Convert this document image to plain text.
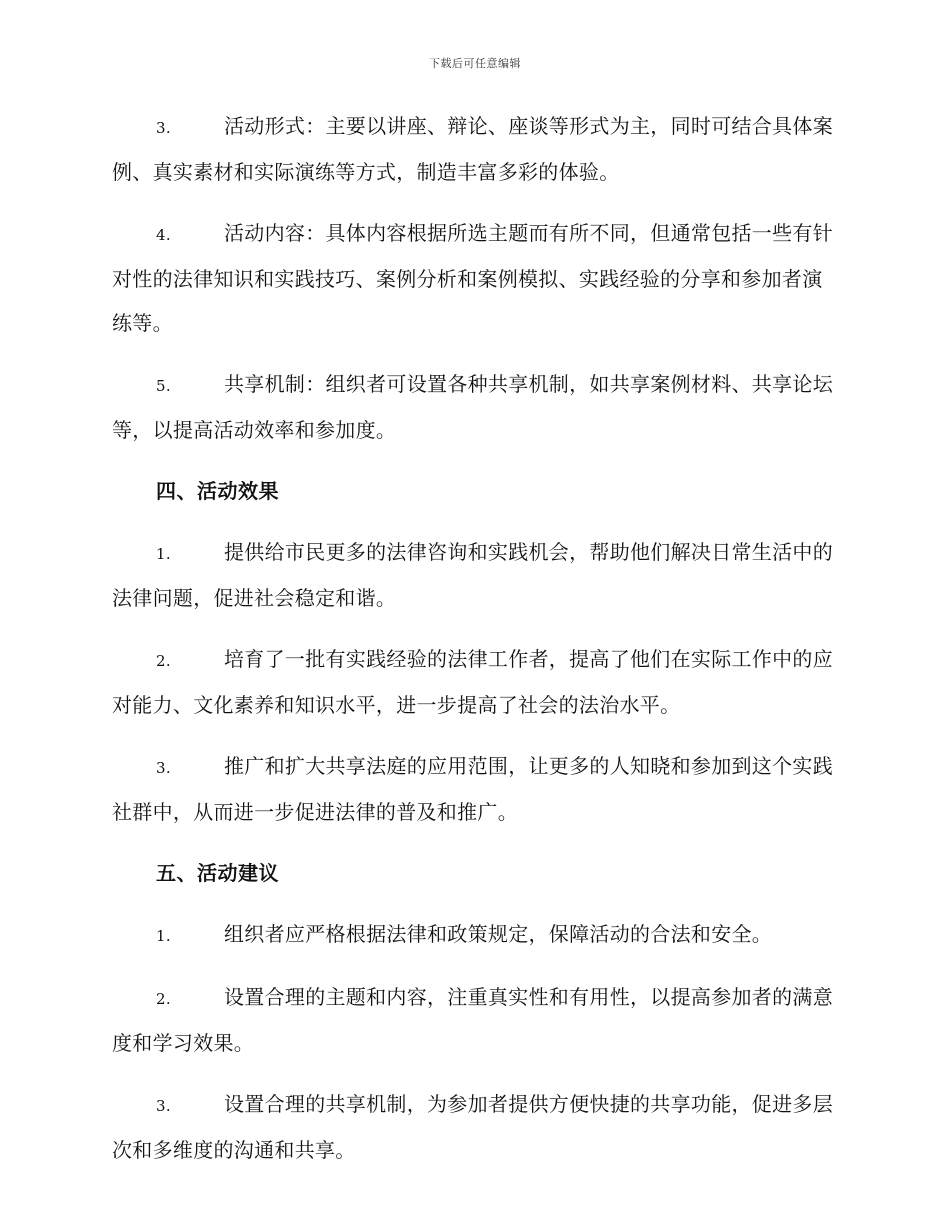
下载后可任意编辑

3.	活动形式：主要以讲座、辩论、座谈等形式为主，同时可结合具体案例、真实素材和实际演练等方式，制造丰富多彩的体验。

4.	活动内容：具体内容根据所选主题而有所不同，但通常包括一些有针对性的法律知识和实践技巧、案例分析和案例模拟、实践经验的分享和参加者演练等。

5.	共享机制：组织者可设置各种共享机制，如共享案例材料、共享论坛等，以提高活动效率和参加度。

四、活动效果

1.	提供给市民更多的法律咨询和实践机会，帮助他们解决日常生活中的法律问题，促进社会稳定和谐。

2.	培育了一批有实践经验的法律工作者，提高了他们在实际工作中的应对能力、文化素养和知识水平，进一步提高了社会的法治水平。

3.	推广和扩大共享法庭的应用范围，让更多的人知晓和参加到这个实践社群中，从而进一步促进法律的普及和推广。

五、活动建议

1.	组织者应严格根据法律和政策规定，保障活动的合法和安全。

2.	设置合理的主题和内容，注重真实性和有用性，以提高参加者的满意度和学习效果。

3.	设置合理的共享机制，为参加者提供方便快捷的共享功能，促进多层次和多维度的沟通和共享。
